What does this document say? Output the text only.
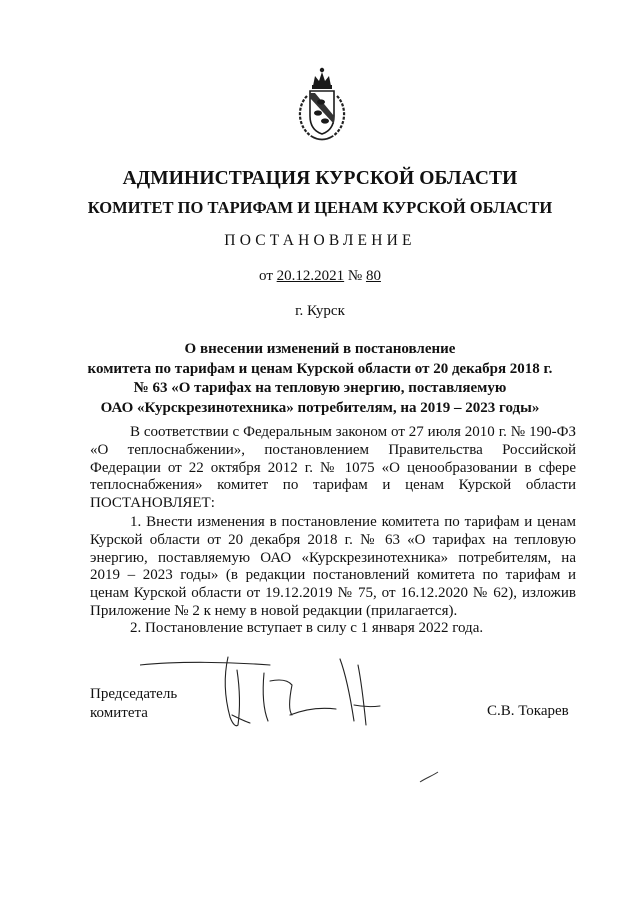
АДМИНИСТРАЦИЯ КУРСКОЙ ОБЛАСТИ
КОМИТЕТ ПО ТАРИФАМ И ЦЕНАМ КУРСКОЙ ОБЛАСТИ
ПОСТАНОВЛЕНИЕ
от 20.12.2021 № 80
г. Курск
О внесении изменений в постановление
комитета по тарифам и ценам Курской области от 20 декабря 2018 г.
№ 63 «О тарифах на тепловую энергию, поставляемую
ОАО «Курскрезинотехника» потребителям, на 2019 – 2023 годы»
В соответствии с Федеральным законом от 27 июля 2010 г. № 190-ФЗ «О теплоснабжении», постановлением Правительства Российской Федерации от 22 октября 2012 г. № 1075 «О ценообразовании в сфере теплоснабжения» комитет по тарифам и ценам Курской области ПОСТАНОВЛЯЕТ:
1. Внести изменения в постановление комитета по тарифам и ценам Курской области от 20 декабря 2018 г. № 63 «О тарифах на тепловую энергию, поставляемую ОАО «Курскрезинотехника» потребителям, на 2019 – 2023 годы» (в редакции постановлений комитета по тарифам и ценам Курской области от 19.12.2019 № 75, от 16.12.2020 № 62), изложив Приложение № 2 к нему в новой редакции (прилагается).
2. Постановление вступает в силу с 1 января 2022 года.
Председатель
комитета	С.В. Токарев
